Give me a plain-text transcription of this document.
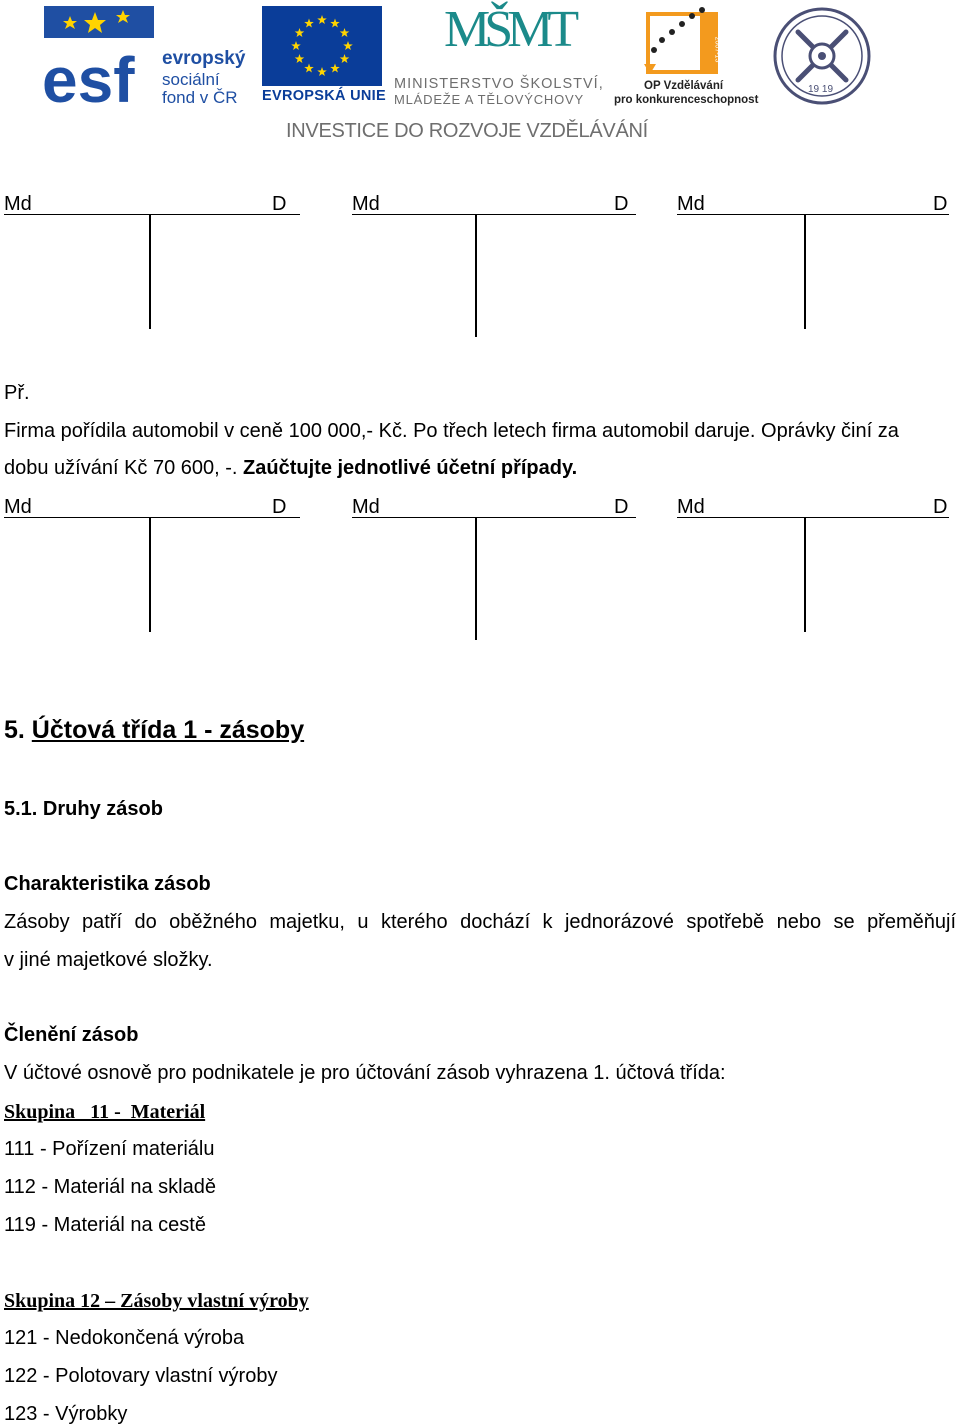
esf evropský
sociální
fond v ČR EVROPSKÁ UNIE
MŠMT
MINISTERSTVO ŠKOLSTVÍ,
MLÁDEŽE A TĚLOVÝCHOVY
2007-13
OP Vzdělávání
pro konkurenceschopnost
19 19
INVESTICE DO ROZVOJE VZDĚLÁVÁNÍ
Md	D	Md	D Md	D
Př.
Firma pořídila automobil v ceně 100 000,- Kč. Po třech letech firma automobil daruje. Oprávky činí za
dobu užívání Kč 70 600, -. Zaúčtujte jednotlivé účetní případy.
Md	D	Md	D Md	D
5. Účtová třída 1 - zásoby
5.1. Druhy zásob
Charakteristika zásob
Zásoby patří do oběžného majetku, u kterého dochází k jednorázové spotřebě nebo se přeměňují
v jiné majetkové složky.
Členění zásob
V účtové osnově pro podnikatele je pro účtování zásob vyhrazena 1. účtová třída:
Skupina   11 -  Materiál
111 - Pořízení materiálu
112 - Materiál na skladě
119 - Materiál na cestě
Skupina 12 – Zásoby vlastní výroby
121 - Nedokončená výroba
122 - Polotovary vlastní výroby
123 - Výrobky
